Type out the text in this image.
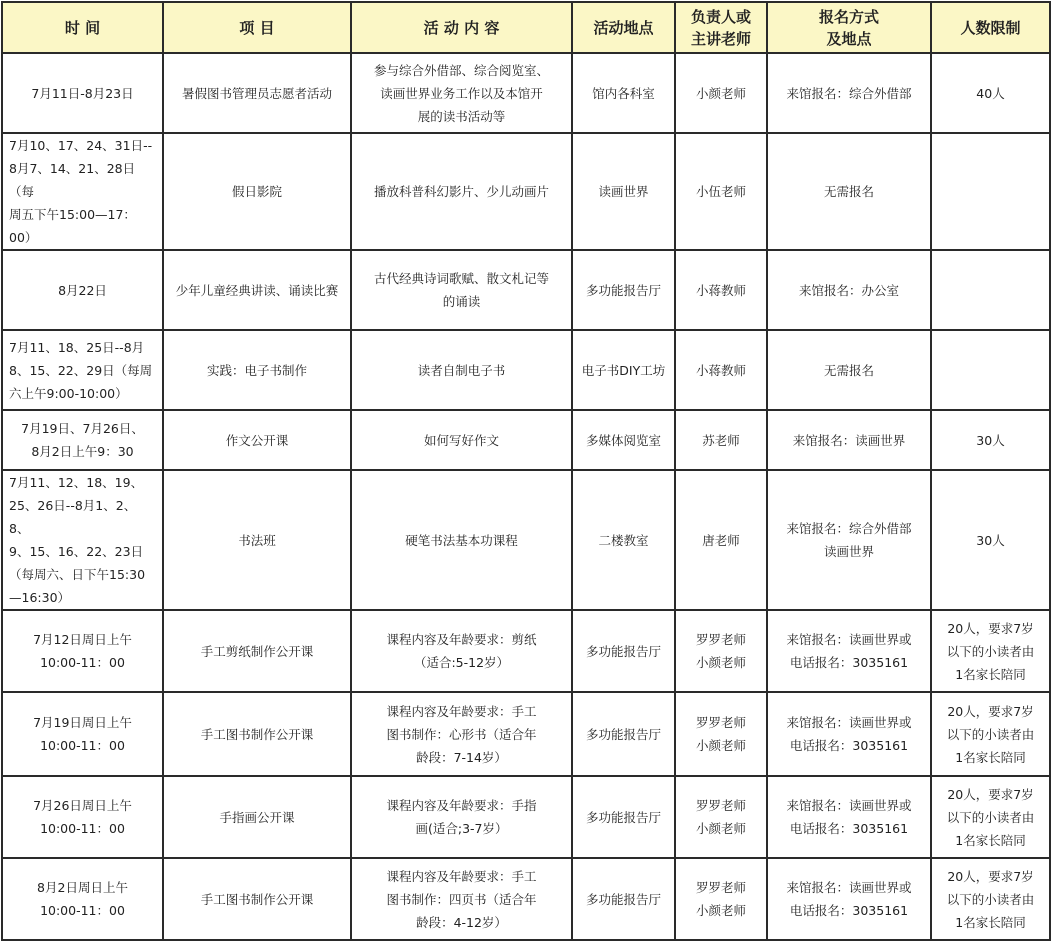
时 间	项 目	活 动 内 容	活动地点	负责人或
主讲老师	报名方式
及地点	人数限制

7月11日-8月23日	暑假图书管理员志愿者活动	参与综合外借部、综合阅览室、
读画世界业务工作以及本馆开
展的读书活动等	馆内各科室	小颜老师	来馆报名：综合外借部	40人

7月10、17、24、31日--
8月7、14、21、28日（每
周五下午15:00—17：00）	假日影院	播放科普科幻影片、少儿动画片	读画世界	小伍老师	无需报名	

8月22日	少年儿童经典讲读、诵读比赛	古代经典诗词歌赋、散文札记等
的诵读	多功能报告厅	小蒋教师	来馆报名：办公室	

7月11、18、25日--8月
8、15、22、29日（每周
六上午9:00-10:00）	实践：电子书制作	读者自制电子书	电子书DIY工坊	小蒋教师	无需报名	

7月19日、7月26日、
8月2日上午9：30	作文公开课	如何写好作文	多媒体阅览室	苏老师	来馆报名：读画世界	30人

7月11、12、18、19、
25、26日--8月1、2、8、
9、15、16、22、23日
（每周六、日下午15:30
—16:30）	书法班	硬笔书法基本功课程	二楼教室	唐老师	来馆报名：综合外借部
读画世界	30人

7月12日周日上午
10:00-11：00	手工剪纸制作公开课	课程内容及年龄要求：剪纸
（适合:5-12岁）	多功能报告厅	罗罗老师
小颜老师	来馆报名：读画世界或
电话报名：3035161	20人，要求7岁
以下的小读者由
1名家长陪同

7月19日周日上午
10:00-11：00	手工图书制作公开课	课程内容及年龄要求：手工
图书制作：心形书（适合年
龄段：7-14岁）	多功能报告厅	罗罗老师
小颜老师	来馆报名：读画世界或
电话报名：3035161	20人，要求7岁
以下的小读者由
1名家长陪同

7月26日周日上午
10:00-11：00	手指画公开课	课程内容及年龄要求：手指
画(适合;3-7岁）	多功能报告厅	罗罗老师
小颜老师	来馆报名：读画世界或
电话报名：3035161	20人，要求7岁
以下的小读者由
1名家长陪同

8月2日周日上午
10:00-11：00	手工图书制作公开课	课程内容及年龄要求：手工
图书制作：四页书（适合年
龄段：4-12岁）	多功能报告厅	罗罗老师
小颜老师	来馆报名：读画世界或
电话报名：3035161	20人，要求7岁
以下的小读者由
1名家长陪同
